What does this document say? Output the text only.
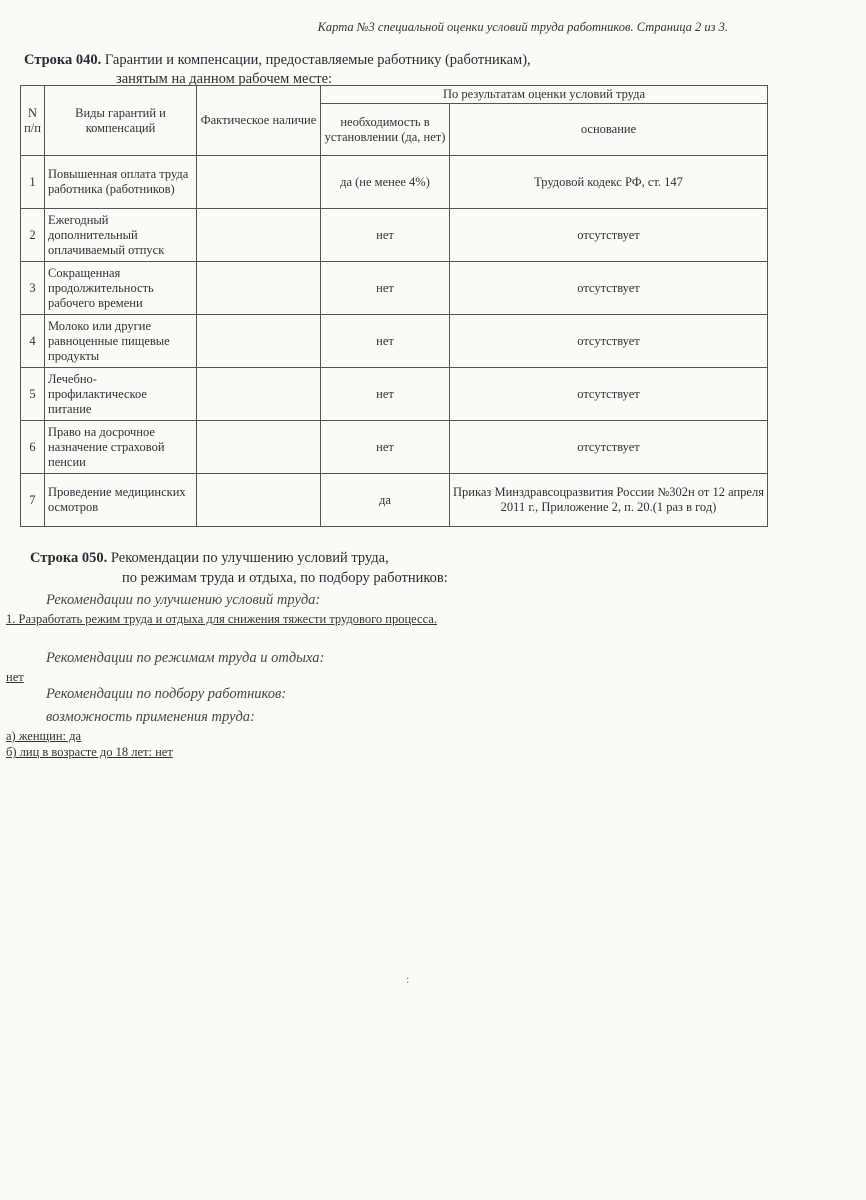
Карта №3 специальной оценки условий труда работников. Страница 2 из 3.
Строка 040. Гарантии и компенсации, предоставляемые работнику (работникам),
занятым на данном рабочем месте:
N п/п	Виды гарантий и компенсаций	Фактическое наличие	По результатам оценки условий труда	
			необходимость в установлении (да, нет)	основание
1	Повышенная оплата труда работника (работников)		да (не менее 4%)	Трудовой кодекс РФ, ст. 147
2	Ежегодный дополнительный оплачиваемый отпуск		нет	отсутствует
3	Сокращенная продолжительность рабочего времени		нет	отсутствует
4	Молоко или другие равноценные пищевые продукты		нет	отсутствует
5	Лечебно-профилактическое питание		нет	отсутствует
6	Право на досрочное назначение страховой пенсии		нет	отсутствует
7	Проведение медицинских осмотров		да	Приказ Минздравсоцразвития России №302н от 12 апреля 2011 г., Приложение 2, п. 20.(1 раз в год)
Строка 050. Рекомендации по улучшению условий труда,
по режимам труда и отдыха, по подбору работников:
Рекомендации по улучшению условий труда:
1. Разработать режим труда и отдыха для снижения тяжести трудового процесса.
Рекомендации по режимам труда и отдыха:
нет
Рекомендации по подбору работников:
возможность применения труда:
а) женщин: да
б) лиц в возрасте до 18 лет: нет
:
